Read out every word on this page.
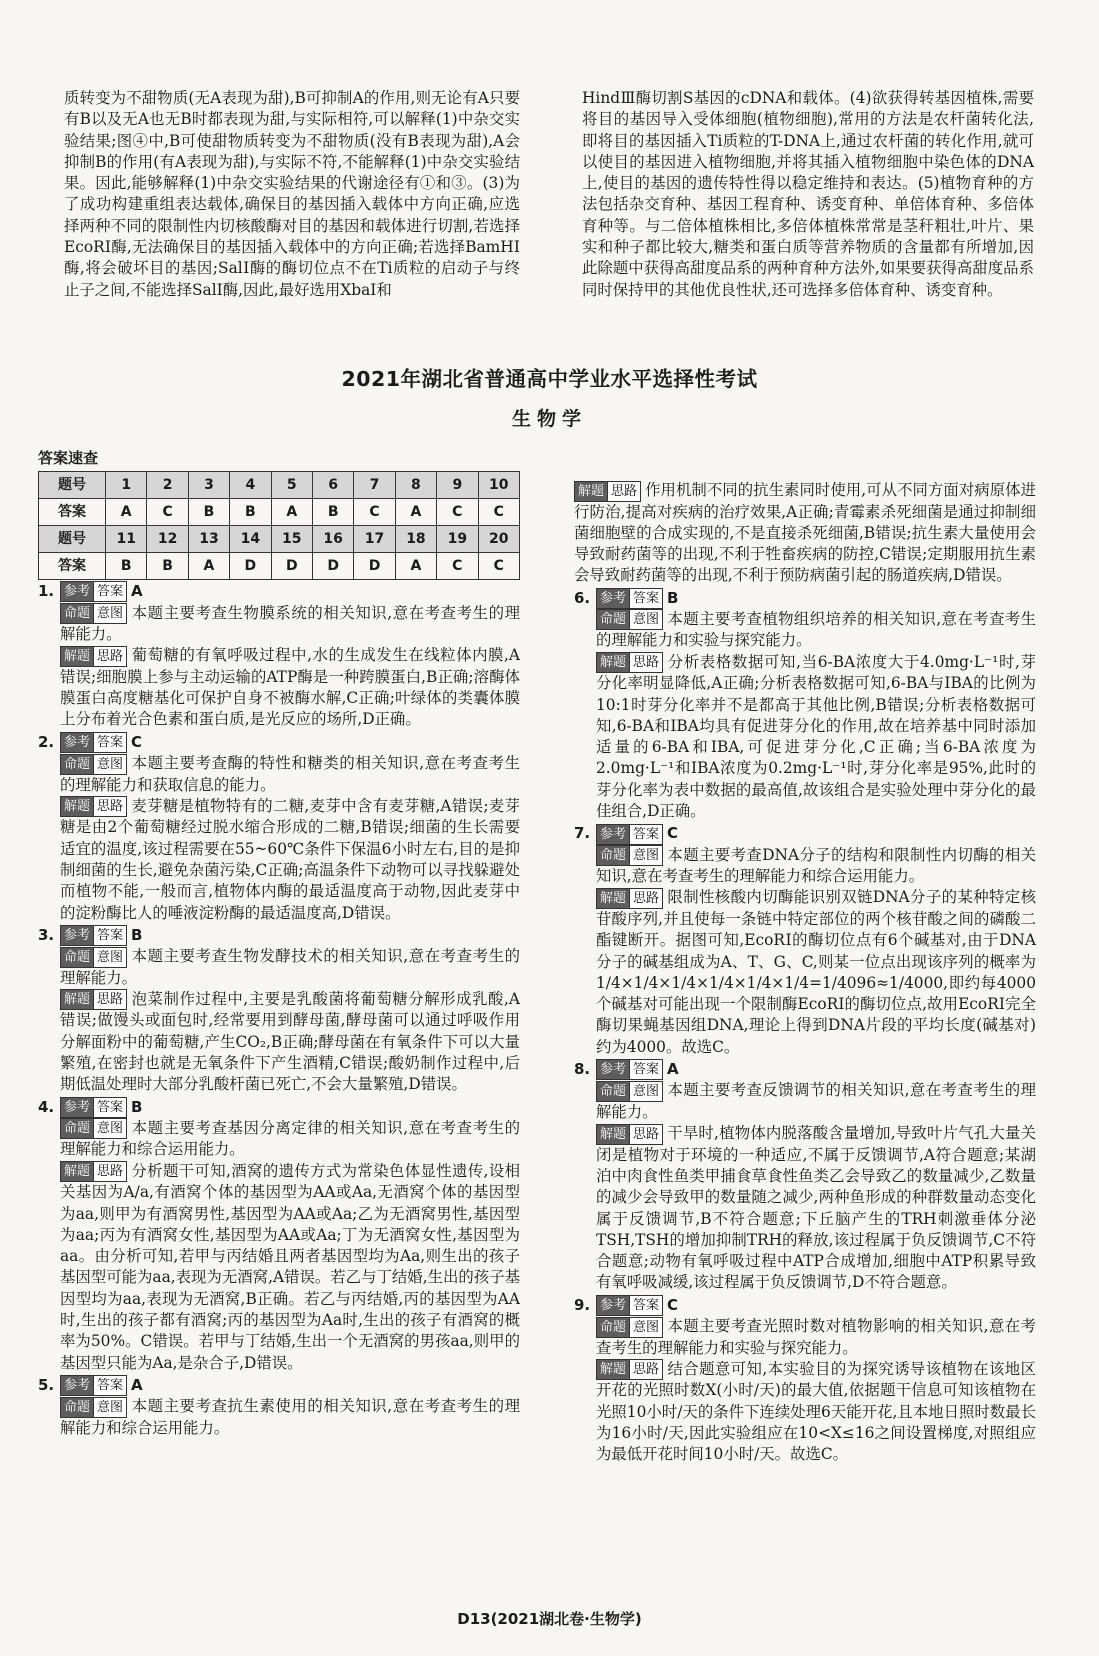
质转变为不甜物质(无A表现为甜),B可抑制A的作用,则无论有A只要有B以及无A也无B时都表现为甜,与实际相符,可以解释(1)中杂交实验结果;图④中,B可使甜物质转变为不甜物质(没有B表现为甜),A会抑制B的作用(有A表现为甜),与实际不符,不能解释(1)中杂交实验结果。因此,能够解释(1)中杂交实验结果的代谢途径有①和③。(3)为了成功构建重组表达载体,确保目的基因插入载体中方向正确,应选择两种不同的限制性内切核酸酶对目的基因和载体进行切割,若选择EcoRⅠ酶,无法确保目的基因插入载体中的方向正确;若选择BamHⅠ酶,将会破坏目的基因;SalⅠ酶的酶切位点不在Ti质粒的启动子与终止子之间,不能选择SalⅠ酶,因此,最好选用XbaⅠ和

HindⅢ酶切割S基因的cDNA和载体。(4)欲获得转基因植株,需要将目的基因导入受体细胞(植物细胞),常用的方法是农杆菌转化法,即将目的基因插入Ti质粒的T-DNA上,通过农杆菌的转化作用,就可以使目的基因进入植物细胞,并将其插入植物细胞中染色体的DNA上,使目的基因的遗传特性得以稳定维持和表达。(5)植物育种的方法包括杂交育种、基因工程育种、诱变育种、单倍体育种、多倍体育种等。与二倍体植株相比,多倍体植株常常是茎秆粗壮,叶片、果实和种子都比较大,糖类和蛋白质等营养物质的含量都有所增加,因此除题中获得高甜度品系的两种育种方法外,如果要获得高甜度品系同时保持甲的其他优良性状,还可选择多倍体育种、诱变育种。

2021年湖北省普通高中学业水平选择性考试
生物学
答案速查
题号	1	2	3	4	5	6	7	8	9	10
答案	A	C	B	B	A	B	C	A	C	C
题号	11	12	13	14	15	16	17	18	19	20
答案	B	B	A	D	D	D	D	A	C	C
1. 参考 答案 A

命题 意图 本题主要考查生物膜系统的相关知识,意在考查考生的理解能力。

解题 思路 葡萄糖的有氧呼吸过程中,水的生成发生在线粒体内膜,A错误;细胞膜上参与主动运输的ATP酶是一种跨膜蛋白,B正确;溶酶体膜蛋白高度糖基化可保护自身不被酶水解,C正确;叶绿体的类囊体膜上分布着光合色素和蛋白质,是光反应的场所,D正确。

2. 参考 答案 C

命题 意图 本题主要考查酶的特性和糖类的相关知识,意在考查考生的理解能力和获取信息的能力。

解题 思路 麦芽糖是植物特有的二糖,麦芽中含有麦芽糖,A错误;麦芽糖是由2个葡萄糖经过脱水缩合形成的二糖,B错误;细菌的生长需要适宜的温度,该过程需要在55~60℃条件下保温6小时左右,目的是抑制细菌的生长,避免杂菌污染,C正确;高温条件下动物可以寻找躲避处而植物不能,一般而言,植物体内酶的最适温度高于动物,因此麦芽中的淀粉酶比人的唾液淀粉酶的最适温度高,D错误。

3. 参考 答案 B

命题 意图 本题主要考查生物发酵技术的相关知识,意在考查考生的理解能力。

解题 思路 泡菜制作过程中,主要是乳酸菌将葡萄糖分解形成乳酸,A错误;做馒头或面包时,经常要用到酵母菌,酵母菌可以通过呼吸作用分解面粉中的葡萄糖,产生CO₂,B正确;酵母菌在有氧条件下可以大量繁殖,在密封也就是无氧条件下产生酒精,C错误;酸奶制作过程中,后期低温处理时大部分乳酸杆菌已死亡,不会大量繁殖,D错误。

4. 参考 答案 B

命题 意图 本题主要考查基因分离定律的相关知识,意在考查考生的理解能力和综合运用能力。

解题 思路 分析题干可知,酒窝的遗传方式为常染色体显性遗传,设相关基因为A/a,有酒窝个体的基因型为AA或Aa,无酒窝个体的基因型为aa,则甲为有酒窝男性,基因型为AA或Aa;乙为无酒窝男性,基因型为aa;丙为有酒窝女性,基因型为AA或Aa;丁为无酒窝女性,基因型为aa。由分析可知,若甲与丙结婚且两者基因型均为Aa,则生出的孩子基因型可能为aa,表现为无酒窝,A错误。若乙与丁结婚,生出的孩子基因型均为aa,表现为无酒窝,B正确。若乙与丙结婚,丙的基因型为AA时,生出的孩子都有酒窝;丙的基因型为Aa时,生出的孩子有酒窝的概率为50%。C错误。若甲与丁结婚,生出一个无酒窝的男孩aa,则甲的基因型只能为Aa,是杂合子,D错误。

5. 参考 答案 A

命题 意图 本题主要考查抗生素使用的相关知识,意在考查考生的理解能力和综合运用能力。

解题 思路 作用机制不同的抗生素同时使用,可从不同方面对病原体进行防治,提高对疾病的治疗效果,A正确;青霉素杀死细菌是通过抑制细菌细胞壁的合成实现的,不是直接杀死细菌,B错误;抗生素大量使用会导致耐药菌等的出现,不利于牲畜疾病的防控,C错误;定期服用抗生素会导致耐药菌等的出现,不利于预防病菌引起的肠道疾病,D错误。

6. 参考 答案 B

命题 意图 本题主要考查植物组织培养的相关知识,意在考查考生的理解能力和实验与探究能力。

解题 思路 分析表格数据可知,当6-BA浓度大于4.0mg·L⁻¹时,芽分化率明显降低,A正确;分析表格数据可知,6-BA与IBA的比例为10:1时芽分化率并不是都高于其他比例,B错误;分析表格数据可知,6-BA和IBA均具有促进芽分化的作用,故在培养基中同时添加适量的6-BA和IBA,可促进芽分化,C正确;当6-BA浓度为2.0mg·L⁻¹和IBA浓度为0.2mg·L⁻¹时,芽分化率是95%,此时的芽分化率为表中数据的最高值,故该组合是实验处理中芽分化的最佳组合,D正确。

7. 参考 答案 C

命题 意图 本题主要考查DNA分子的结构和限制性内切酶的相关知识,意在考查考生的理解能力和综合运用能力。

解题 思路 限制性核酸内切酶能识别双链DNA分子的某种特定核苷酸序列,并且使每一条链中特定部位的两个核苷酸之间的磷酸二酯键断开。据图可知,EcoRⅠ的酶切位点有6个碱基对,由于DNA分子的碱基组成为A、T、G、C,则某一位点出现该序列的概率为1/4×1/4×1/4×1/4×1/4×1/4=1/4096≈1/4000,即约每4000个碱基对可能出现一个限制酶EcoRⅠ的酶切位点,故用EcoRⅠ完全酶切果蝇基因组DNA,理论上得到DNA片段的平均长度(碱基对)约为4000。故选C。

8. 参考 答案 A

命题 意图 本题主要考查反馈调节的相关知识,意在考查考生的理解能力。

解题 思路 干旱时,植物体内脱落酸含量增加,导致叶片气孔大量关闭是植物对于环境的一种适应,不属于反馈调节,A符合题意;某湖泊中肉食性鱼类甲捕食草食性鱼类乙会导致乙的数量减少,乙数量的减少会导致甲的数量随之减少,两种鱼形成的种群数量动态变化属于反馈调节,B不符合题意;下丘脑产生的TRH刺激垂体分泌TSH,TSH的增加抑制TRH的释放,该过程属于负反馈调节,C不符合题意;动物有氧呼吸过程中ATP合成增加,细胞中ATP积累导致有氧呼吸减缓,该过程属于负反馈调节,D不符合题意。

9. 参考 答案 C

命题 意图 本题主要考查光照时数对植物影响的相关知识,意在考查考生的理解能力和实验与探究能力。

解题 思路 结合题意可知,本实验目的为探究诱导该植物在该地区开花的光照时数X(小时/天)的最大值,依据题干信息可知该植物在光照10小时/天的条件下连续处理6天能开花,且本地日照时数最长为16小时/天,因此实验组应在10<X≤16之间设置梯度,对照组应为最低开花时间10小时/天。故选C。

D13(2021湖北卷·生物学)
